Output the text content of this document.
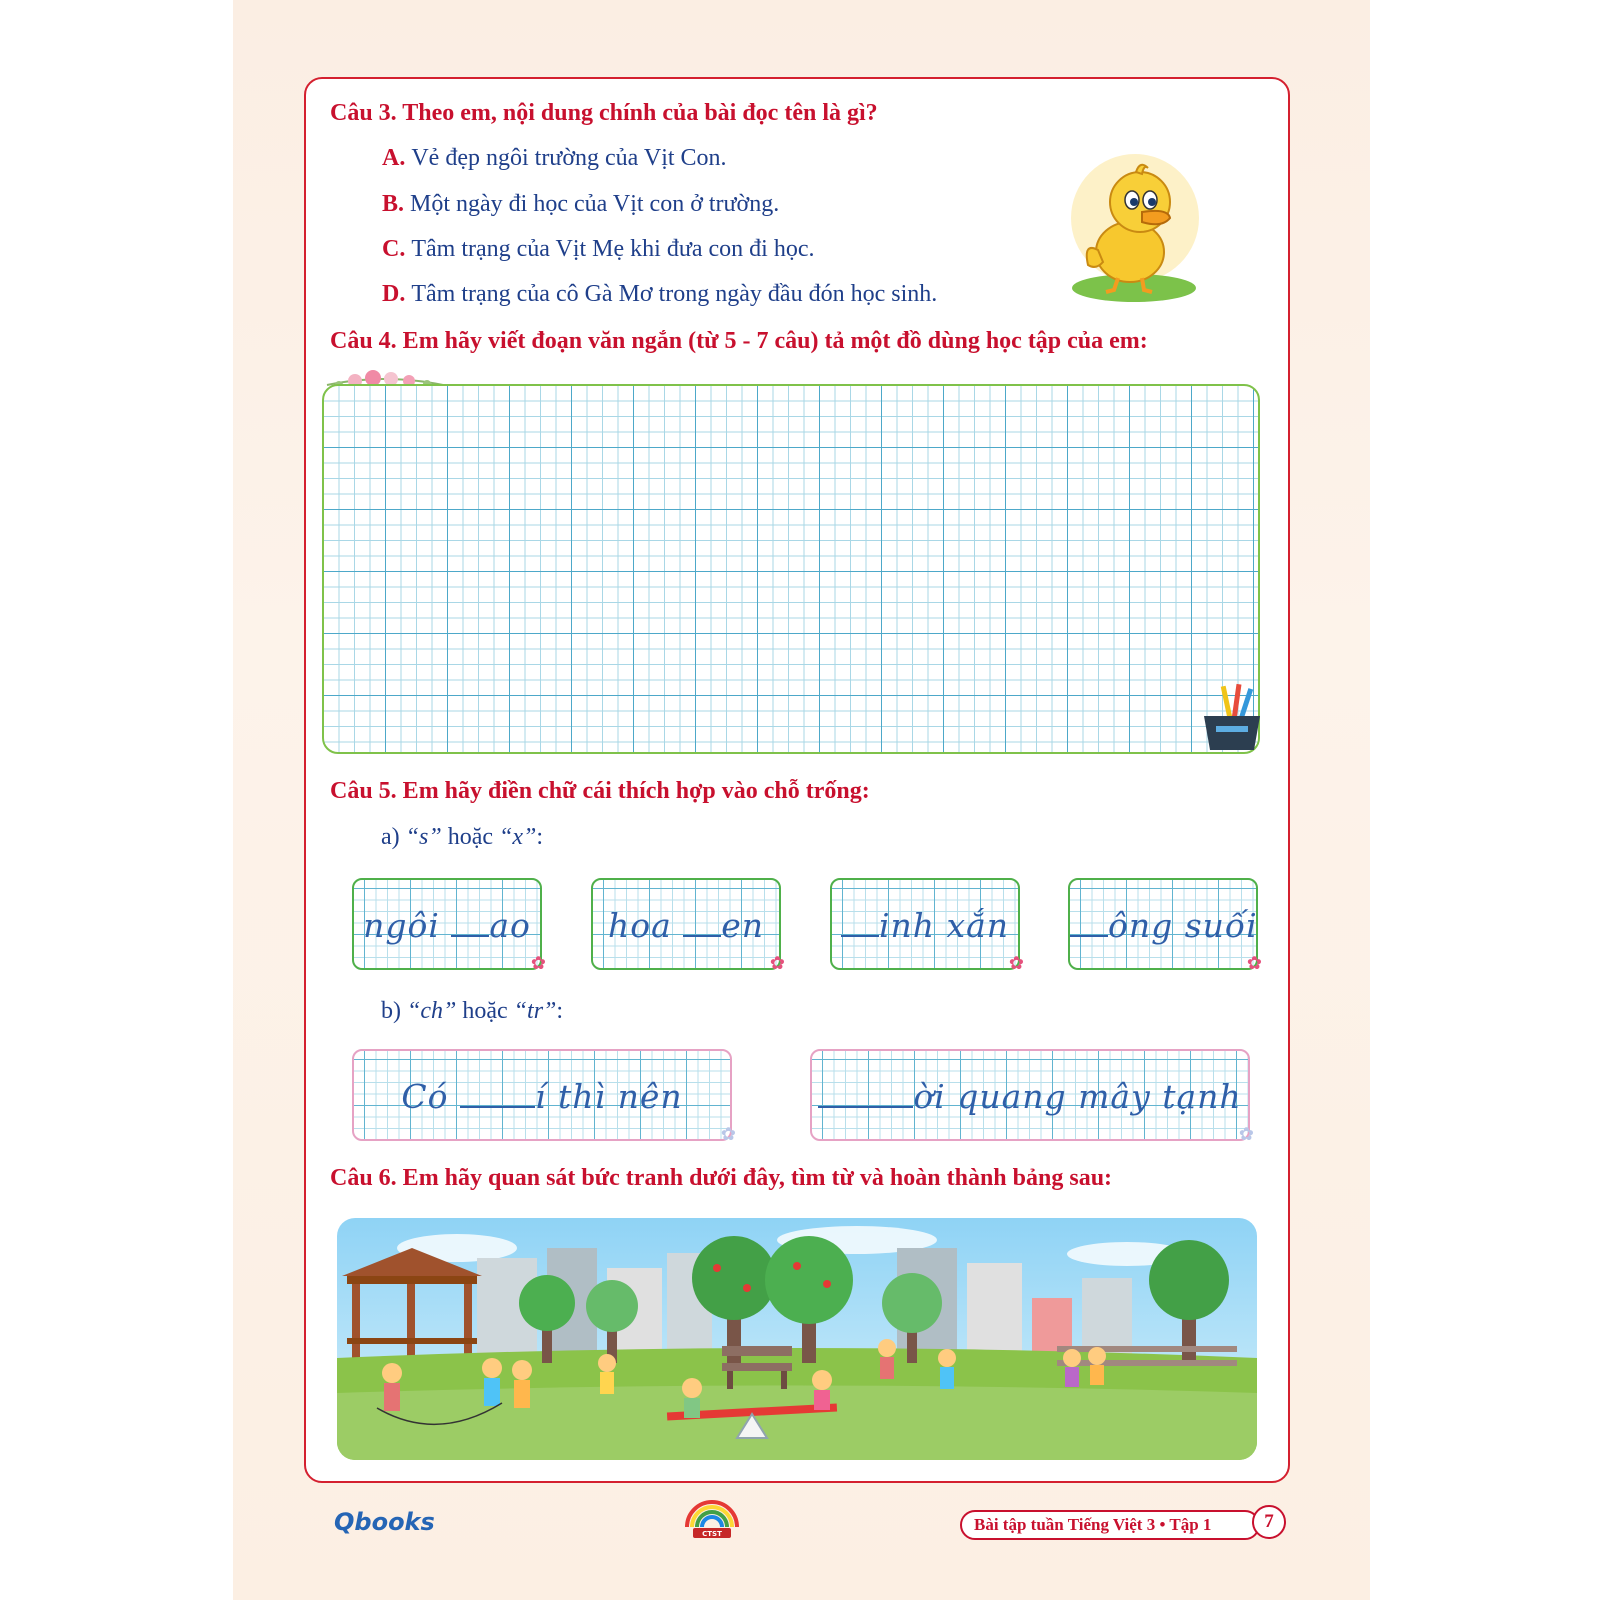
Câu 3. Theo em, nội dung chính của bài đọc tên là gì?
A. Vẻ đẹp ngôi trường của Vịt Con.
B. Một ngày đi học của Vịt con ở trường.
C. Tâm trạng của Vịt Mẹ khi đưa con đi học.
D. Tâm trạng của cô Gà Mơ trong ngày đầu đón học sinh.
Câu 4. Em hãy viết đoạn văn ngắn (từ 5 - 7 câu) tả một đồ dùng học tập của em:
Câu 5. Em hãy điền chữ cái thích hợp vào chỗ trống:
a) “s” hoặc “x”:
ngôi ao
✿
hoa en
✿
inh xắn
✿
ông suối
✿
b) “ch” hoặc “tr”:
Có	í thì nên
✿
ời quang mây tạnh
✿
Câu 6. Em hãy quan sát bức tranh dưới đây, tìm từ và hoàn thành bảng sau:
Qbooks	CTST	Bài tập tuần Tiếng Việt 3 • Tập 1	7
